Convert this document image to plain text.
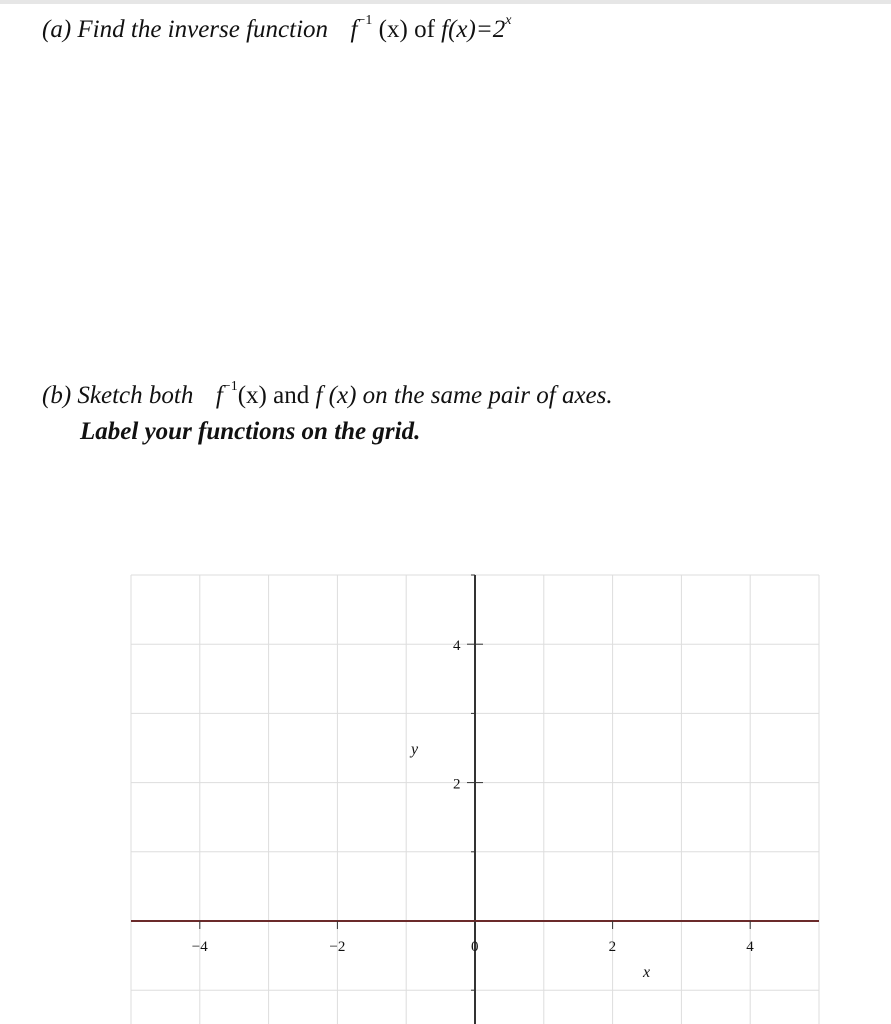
(a) Find the inverse function $f^{-1}$ (x) of $f(x)=2^x$
(b) Sketch both $f^{-1}(x)$ and f (x) on the same pair of axes.
Label your functions on the grid.
−4	−2	0	2	4
2
4
x
y
